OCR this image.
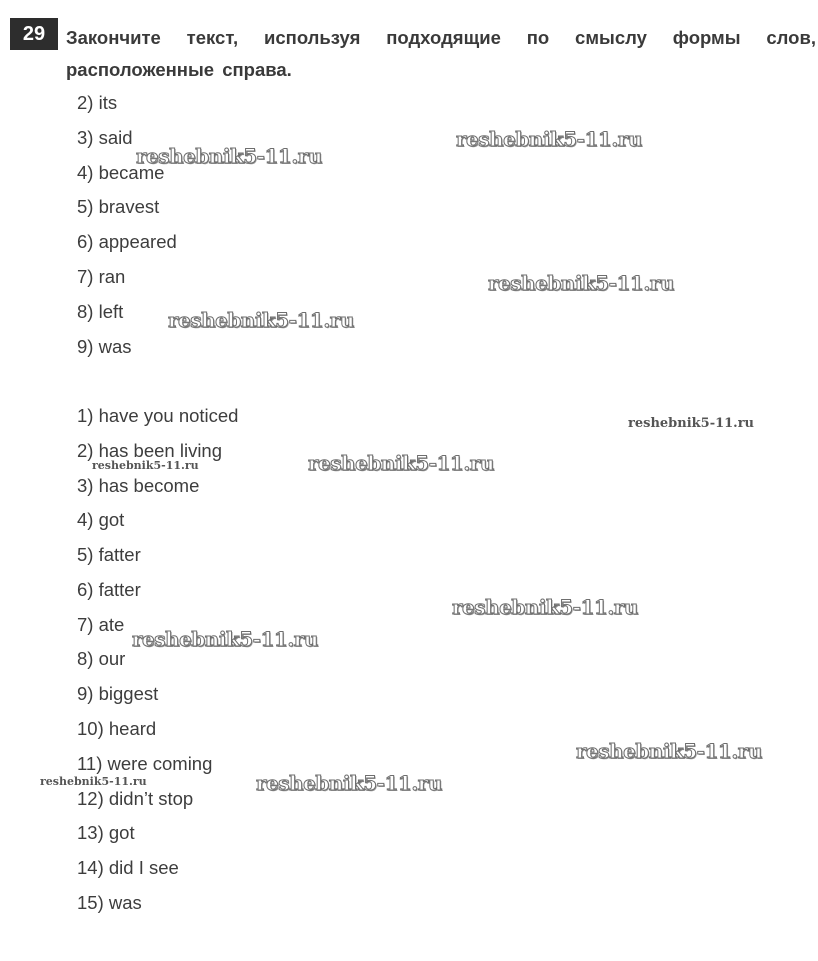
29	Закончите текст, используя подходящие по смыслу формы слов, расположенные справа.
2) its
3) said
4) became
5) bravest
6) appeared
7) ran
8) left
9) was
1) have you noticed
2) has been living
3) has become
4) got
5) fatter
6) fatter
7) ate
8) our
9) biggest
10) heard
11) were coming
12) didn’t stop
13) got
14) did I see
15) was
reshebnik5-11.ru
reshebnik5-11.ru
reshebnik5-11.ru
reshebnik5-11.ru
reshebnik5-11.ru
reshebnik5-11.ru	reshebnik5-11.ru
reshebnik5-11.ru
reshebnik5-11.ru
reshebnik5-11.ru
reshebnik5-11.ru	reshebnik5-11.ru
